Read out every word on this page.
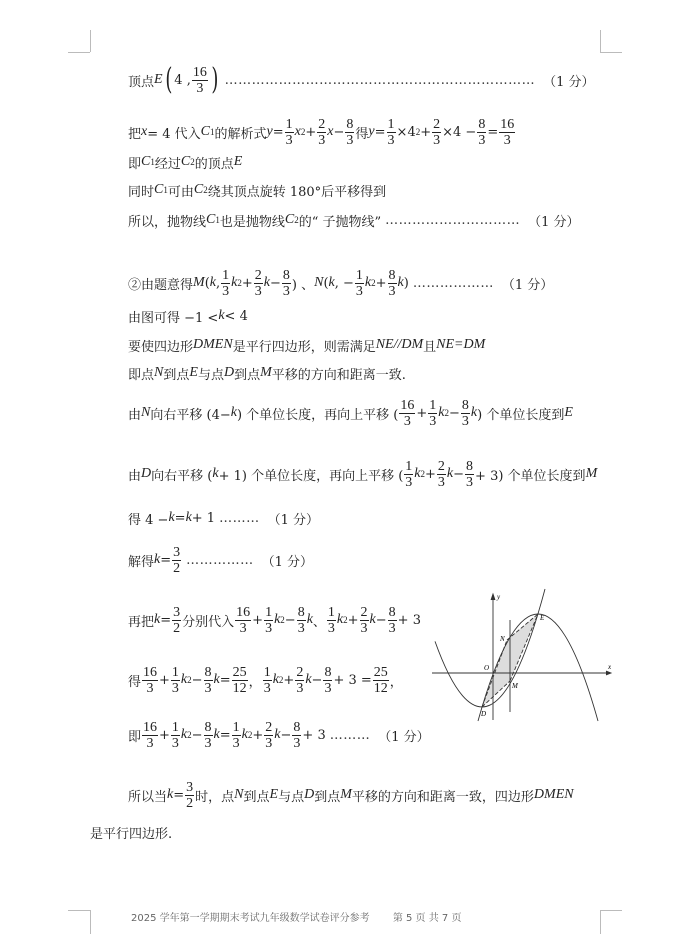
顶点 E ( 4 , $\frac{16}{3}$ ) …………………………………………………………… （1 分）
把 x = 4 代入 C 1 的解析式 $y = \frac{1}{3}$ x $2 + \frac{2}{3}$ $x - \frac{8}{3}$ 得 $y = \frac{1}{3} \times 4$ $2 + \frac{2}{3} \times 4 - \frac{8}{3} = \frac{16}{3}$
即 C 1 经过 C 2 的顶点 E
同时 C 1 可由 C 2 绕其顶点旋转 180°后平移得到
所以，抛物线 C 1 也是抛物线 C 2 的“ 子抛物线” ………………………… （1 分）
②由题意得 M ( k , $\frac{1}{3}$ k $2 + \frac{2}{3}$ $k - \frac{8}{3}$ ) 、 N ( k , − $\frac{1}{3}$ k $2 + \frac{8}{3}$ k ) ……………… （1 分）
由图可得 −1 < k < 4
要使四边形 DMEN 是平行四边形，则需满足 NE//DM 且 NE=DM
即点 N 到点 E 与点 D 到点 M 平移的方向和距离一致.
由 N 向右平移 (4− k ) 个单位长度，再向上平移 ( $\frac{16}{3} + \frac{1}{3}$ k $2 - \frac{8}{3}$ k ) 个单位长度到 E
由 D 向右平移 ( k + 1) 个单位长度，再向上平移 ( $\frac{1}{3}$ k $2 + \frac{2}{3}$ $k - \frac{8}{3} + 3$) 个单位长度到 M
得 4 − k = k + 1 ……… （1 分）
解得 $k = \frac{3}{2}$ …………… （1 分）
再把 $k = \frac{3}{2}$ 分别代入 $\frac{16}{3} + \frac{1}{3}$ k $2 - \frac{8}{3}$ k 、 $\frac{1}{3}$ k $2 + \frac{2}{3}$ $k - \frac{8}{3} + 3$
得 $\frac{16}{3} + \frac{1}{3}$ k $2 - \frac{8}{3}$ $k = \frac{25}{12}$ ， $\frac{1}{3}$ k $2 + \frac{2}{3}$ $k - \frac{8}{3} + 3 = \frac{25}{12}$ ，
即 $\frac{16}{3} + \frac{1}{3}$ k $2 - \frac{8}{3}$ $k = \frac{1}{3}$ k $2 + \frac{2}{3}$ $k - \frac{8}{3} + 3$ ……… （1 分）
所以当 $k = \frac{3}{2}$ 时，点 N 到点 E 与点 D 到点 M 平移的方向和距离一致，四边形 DMEN
是平行四边形.
y
x
O
N
M
E
D
2025 学年第一学期期末考试九年级数学试卷评分参考 第 5 页 共 7 页
